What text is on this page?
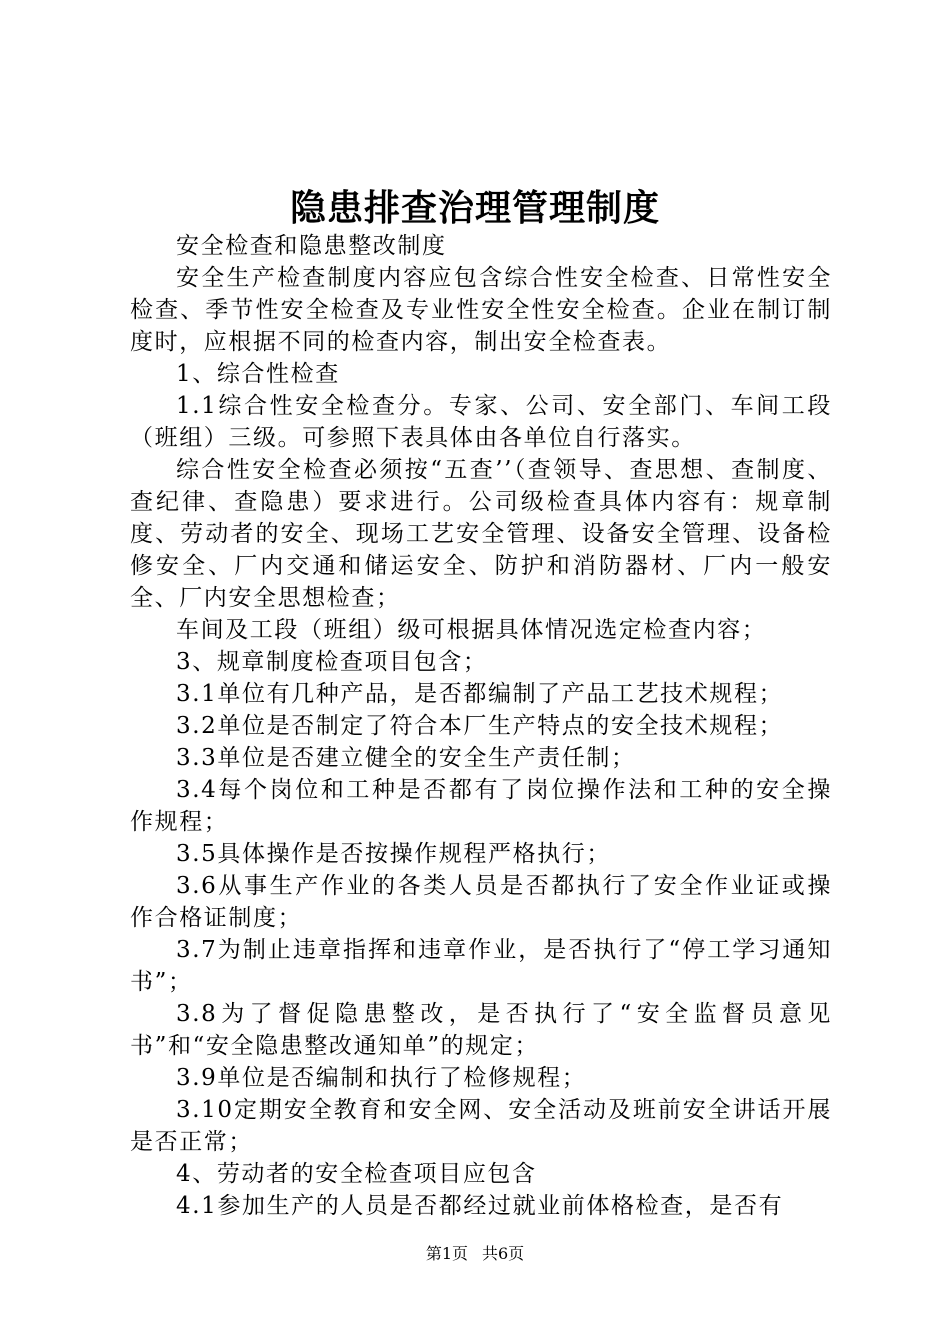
隐患排查治理管理制度

安全检查和隐患整改制度

安全生产检查制度内容应包含综合性安全检查、日常性安全检查、季节性安全检查及专业性安全性安全检查。企业在制订制度时，应根据不同的检查内容，制出安全检查表。

1、综合性检查

1.1综合性安全检查分。专家、公司、安全部门、车间工段（班组）三级。可参照下表具体由各单位自行落实。

综合性安全检查必须按“五查’’（查领导、查思想、查制度、查纪律、查隐患）要求进行。公司级检查具体内容有：规章制度、劳动者的安全、现场工艺安全管理、设备安全管理、设备检修安全、厂内交通和储运安全、防护和消防器材、厂内一般安全、厂内安全思想检查；

车间及工段（班组）级可根据具体情况选定检查内容；

3、规章制度检查项目包含；

3.1单位有几种产品，是否都编制了产品工艺技术规程；

3.2单位是否制定了符合本厂生产特点的安全技术规程；

3.3单位是否建立健全的安全生产责任制；

3.4每个岗位和工种是否都有了岗位操作法和工种的安全操作规程；

3.5具体操作是否按操作规程严格执行；

3.6从事生产作业的各类人员是否都执行了安全作业证或操作合格证制度；

3.7为制止违章指挥和违章作业，是否执行了“停工学习通知书”；

3.8为了督促隐患整改，是否执行了“安全监督员意见书”和“安全隐患整改通知单”的规定；

3.9单位是否编制和执行了检修规程；

3.10定期安全教育和安全网、安全活动及班前安全讲话开展是否正常；

4、劳动者的安全检查项目应包含

4.1参加生产的人员是否都经过就业前体格检查，是否有

第1页 共6页
